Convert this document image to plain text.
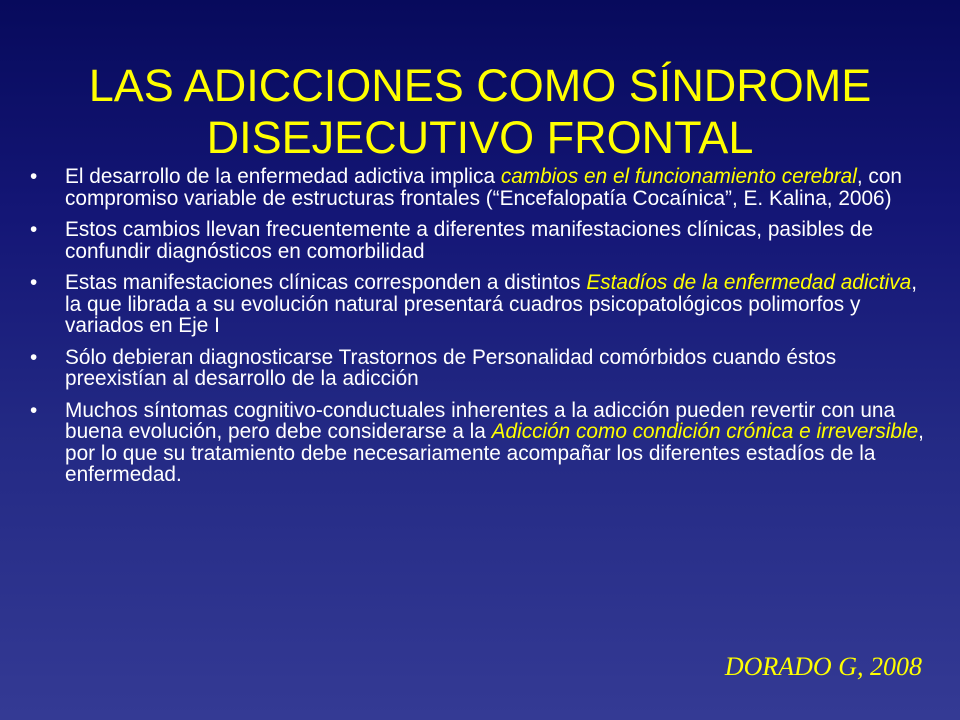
LAS ADICCIONES COMO SÍNDROME
DISEJECUTIVO FRONTAL
• El desarrollo de la enfermedad adictiva implica cambios en el funcionamiento cerebral, con compromiso variable de estructuras frontales (“Encefalopatía Cocaínica”, E. Kalina, 2006)
• Estos cambios llevan frecuentemente a diferentes manifestaciones clínicas, pasibles de confundir diagnósticos en comorbilidad
• Estas manifestaciones clínicas corresponden a distintos Estadíos de la enfermedad adictiva, la que librada a su evolución natural presentará cuadros psicopatológicos polimorfos y variados en Eje I
• Sólo debieran diagnosticarse Trastornos de Personalidad comórbidos cuando éstos preexistían al desarrollo de la adicción
• Muchos síntomas cognitivo-conductuales inherentes a la adicción pueden revertir con una buena evolución, pero debe considerarse a la Adicción como condición crónica e irreversible, por lo que su tratamiento debe necesariamente acompañar los diferentes estadíos de la enfermedad.
DORADO G, 2008
